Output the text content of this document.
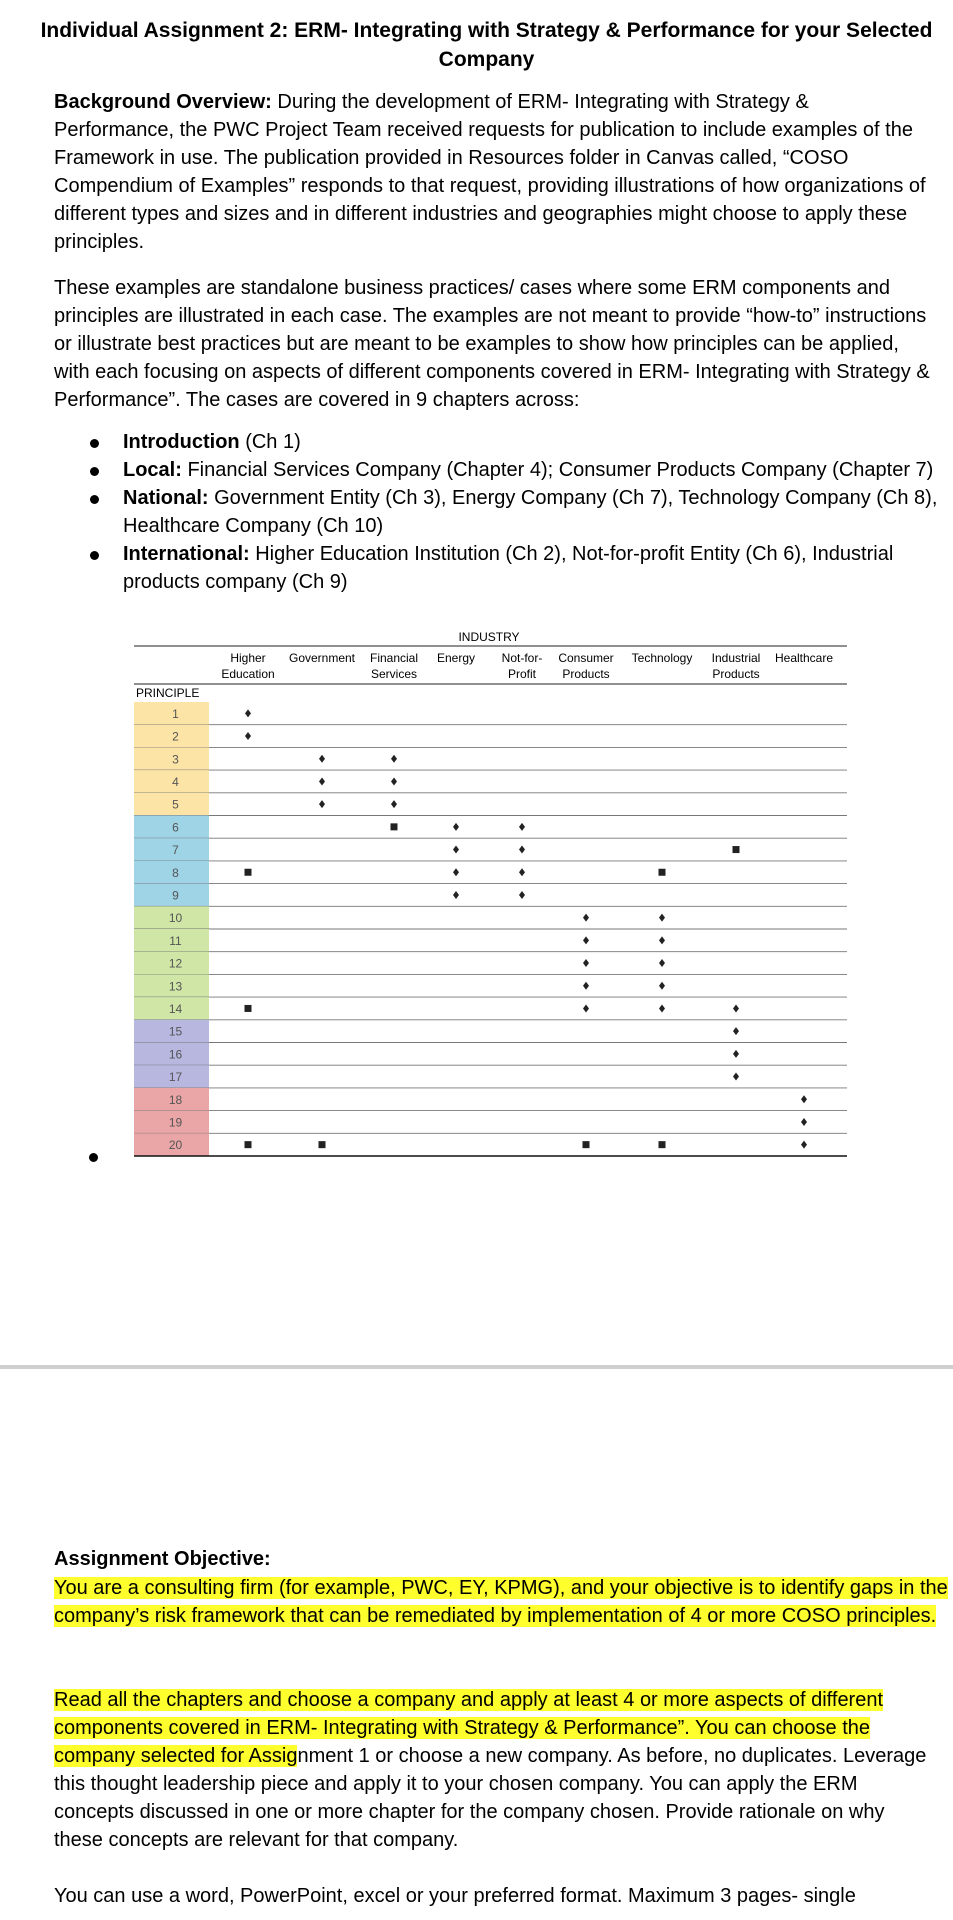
Individual Assignment 2: ERM- Integrating with Strategy & Performance for your Selected Company
Background Overview: During the development of ERM- Integrating with Strategy & Performance, the PWC Project Team received requests for publication to include examples of the Framework in use. The publication provided in Resources folder in Canvas called, “COSO Compendium of Examples” responds to that request, providing illustrations of how organizations of different types and sizes and in different industries and geographies might choose to apply these principles.
These examples are standalone business practices/ cases where some ERM components and principles are illustrated in each case. The examples are not meant to provide “how-to” instructions or illustrate best practices but are meant to be examples to show how principles can be applied, with each focusing on aspects of different components covered in ERM- Integrating with Strategy & Performance”. The cases are covered in 9 chapters across:
Introduction (Ch 1)
Local: Financial Services Company (Chapter 4); Consumer Products Company (Chapter 7)
National: Government Entity (Ch 3), Energy Company (Ch 7), Technology Company (Ch 8), Healthcare Company (Ch 10)
International: Higher Education Institution (Ch 2), Not-for-profit Entity (Ch 6), Industrial products company (Ch 9)
INDUSTRY
Higher
Education
Government Financial
Services
Energy Not-for-
Profit
Consumer
Products
Technology Industrial
Products
Healthcare
PRINCIPLE
1
2
3
4
5
6
7
8
9
10
11
12
13
14
15
16
17
18
19
20
Assignment Objective:
You are a consulting firm (for example, PWC, EY, KPMG), and your objective is to identify gaps in the company’s risk framework that can be remediated by implementation of 4 or more COSO principles.
Read all the chapters and choose a company and apply at least 4 or more aspects of different components covered in ERM- Integrating with Strategy & Performance”. You can choose the company selected for Assignment 1 or choose a new company. As before, no duplicates. Leverage this thought leadership piece and apply it to your chosen company. You can apply the ERM concepts discussed in one or more chapter for the company chosen. Provide rationale on why these concepts are relevant for that company.
You can use a word, PowerPoint, excel or your preferred format. Maximum 3 pages- single
